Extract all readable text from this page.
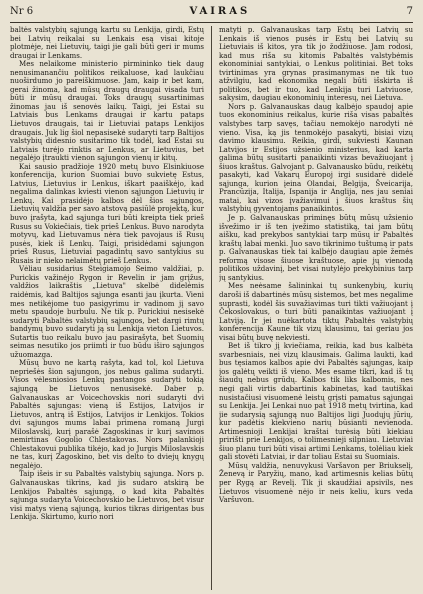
Nr 6	VAIRAS	7

baltės valstybių sąjungą kartu su Lenkija, girdi, Estų bei Latvių reikalai su Lenkais esą visai kitoje plotmėje, nei Lietuvių, taigi jie gali būti geri ir mums draugai ir Lenkams.

Mes nelaikome ministerio pirmininko tiek daug nenusimanančiu politikos reikaluose, kad laukčiau nuoširdumo jo pareiškimuose. Jam, kaip ir bet kam, gerai žinoma, kad mūsų draugų draugai visada turi būti ir mūsų draugai. Toks draugų susartinimas žinomas jau iš senovės laikų. Taigi, jei Estai su Latviais bus Lenkams draugai ir kartu pataps Lietuvos draugais, tai ir Lietuviai pataps Lenkijos draugais. Juk lig šiol nepasisekė sudaryti tarp Baltijos valstybių didesnio susitarimo tik todėl, kad Estai su Latviais turėjo rinktis ar Lenkus, ar Lietuvius, bet negalėjo įtraukti vienon sąjungon vienų ir kitų.

Kai sausio pradžioje 1920 metų buvo Elsinkiuose konferencija, kurion Suomiai buvo sukvietę Estus, Latvius, Lietuvius ir Lenkus, iškart paaiškėjo, kad negalima dalinkas kviesti vienon sąjungon Lietuvių ir Lenkų. Kai prasidėjo kalbos dėl šios sąjungos, Lietuvių valdžia per savo atstovą pasiūlė projektą, kur buvo įrašyta, kad sąjunga turi būti kreipta tiek prieš Rusus su Vokiečiais, tiek prieš Lenkus. Buvo narodyta motyvų, kad Lietuvamus nėra tiek pavojaus iš Rusų pusės, kiek iš Lenkų. Taigi, prisidėdami sąjungon prieš Rusus, Lietuviai pagadintų savo santykius su Rusais ir nieko nelaimėtų prieš Lenkus.

Vėliau susidarius Steigiamojo Seimo valdžiai, p. Purickis važinėjo Rygon ir Revelin ir jam grįžus, valdžios laikraštis „Lietuva" skelbė didelėmis raidėmis, kad Baltijos sąjunga esanti jau įkurta. Vieni mes netikėjome tuo pasigyrimu ir vadinom jį savo metu spaudoje burbulu. Ne tik p. Purickiui nesisekė sudaryti Pabaltės valstybių sąjungos, bet dargi rimtų bandymų buvo sudaryti ją su Lenkija vieton Lietuvos. Sutartis tuo reikalu buvo jau pasirašyta, bet Suomių seimas nesutiko jos priimti ir tuo būdu iširo sąjungos užuomazga.

Mūsų buvo ne kartą rašyta, kad tol, kol Lietuva nepriešės šion sąjungon, jos nebus galima sudaryti. Visos vėlesniosios Lenkų pastangos sudaryti tokią sąjungą be Lietuvos nenusisekė. Daber p. Galvanauskas ar Voicechovskis nori sudaryti dvi Pabaltės sąjungas: vieną iš Estijos, Latvijos ir Lietuvos, antrą iš Estijos, Latvijos ir Lenkijos. Tokios dvi sąjungos mums labai primena romaną Jurgi Miloslavskį, kurį parašė Zagoskinas ir kurį savimos nemirtinas Gogolio Chlestakovas. Nors palankioji Chlestakovui publika tikėjo, kad jo Jurgis Miloslavskis ne tas, kurį Zagoskino, bet vis delto to dviejų knygų negalėjo.

Taip išeis ir su Pabaltės valstybių sąjunga. Nors p. Galvanauskas tikrins, kad jis sudaro atskirą be Lenkijos Pabaltės sąjungą, o kad kita Pabaltės sąjunga sudaryta Voicechovskio be Lietuvos, bet visur visi matys vieną sąjungą, kurios tikras dirigentas bus Lenkija. Skirtumo, kurio nori

matyti p. Galvanauskas tarp Estų bei Latvių su Lenkais iš vienos pusės ir Estų bei Latvių su Lietuviais iš kitos, yra tik jo žodžiuose. Jam rodosi, kad mus riša su kitomis Pabaltės valstybėmis ekonominiai santykiai, o Lenkus politiniai. Bet toks tvirtinimas yra grynas prasimanymas ne tik tuo atžvilgiu, kad ekonomika negali būti išskirta iš politikos, bet ir tuo, kad Lenkija turi Latviuose, sakysim, daugiau ekonominių interesų, nei Lietuva.

Nors p. Galvanauskas daug kalbėjo spaudoj apie tuos ekonominius reikalus, kurie riša visas pabaltės valstybes tarp savęs, tačiau nemokėjo narodyti nė vieno. Visa, ką jis tenmokėjo pasakyti, bisiai vizų davimo klausimu. Reikia, girdi, sukviesti Kaunan Latvijos ir Estijos užsienio ministerius, kad karta galima būtų susitarti panaikinti vizas bevažiuojant į šiuos kraštus. Galvojant p. Galvanausko būdu, reikėtų pasakyti, kad Vakarų Europoj irgi susidarė didelė sąjunga, kurion įeina Olandai, Belgija, Šveicarija, Prancūzija, Italija, Ispanija ir Anglija, nes jau seniai matai, kai vizos įvažiavimui į šiuos kraštus šių valstybių gyventojams panaikintos.

Je p. Galvanauskas priminęs būtų mūsų užsienio išvežimo ir iš ten įvežimo statistiką, tai jam būtų aišku, kad prekybos santykiai tarp mūsų ir Pabaltės kraštų labai menki. Juo savo tikrinimo tuštumą ir pats p. Galvanauskas tiek tai kalbėjo daugiau apie žemės reformą visose šiuose kraštuose, apie jų vienodą politikos uždavinį, bet visai nutylėjo prekybinius tarp jų santykius.

Mes neėsame šalininkai tų sunkenybių, kurių daroši iš dabartinės mūsų sistemos, bet mes negalime suprasti, kodėl šis suvažiavimas turi tikti važiuojant į Čekoslovakus, o turi būti panaikintas važiuojant į Latviją. Ir jei nuėkartota tiktų Pabaltės valstybių konferencija Kaune tik vizų klausimu, tai geriau jos visai būtų buvę nekviesti.

Bet iš tikro jį kviečiama, reikia, kad bus kalbėta svarbesniais, nei vizų klausimais. Galima laukti, kad bus tęsiamos kalbos apie dvi Pabaltės sąjungas, kaip jos galėtų veikti iš vieno. Mes esame tikri, kad iš tų šiaudų nebus grūdų. Kalbos tik liks kalbomis, nes negi gali virtis dabartinis kabinetas, kad tautiškai nusistačiusi visuomenė leistų grįsti pamatus sąjungai su Lenkija. Jei Lenkai nuo pat 1918 metų tvirtina, kad jie sudarysią sąjungą nuo Baltijos ligi Juodųjų jūrių, kur padėtis kiekvieno narių būsianti nevienoda. Artimesnioji Lenkijai kraštai turėsią būti kiekiau pririšti prie Lenkijos, o tolimesnieji silpniau. Lietuviai šiuo planu turi būti visai artimi Lenkams, tolėliau kiek gali stovėti Latviai, ir dar toliau Estai su Suomiais.

Mūsų valdžia, nenuvykusi Varšavon per Briukselį, Ženevą ir Paryžių, mano, kad artimesnis kelias būtų per Rygą ar Revelį. Tik ji skaudžiai apsivils, nes Lietuvos visuomenė nėjo ir neis keliu, kurs veda Varšuvon.
